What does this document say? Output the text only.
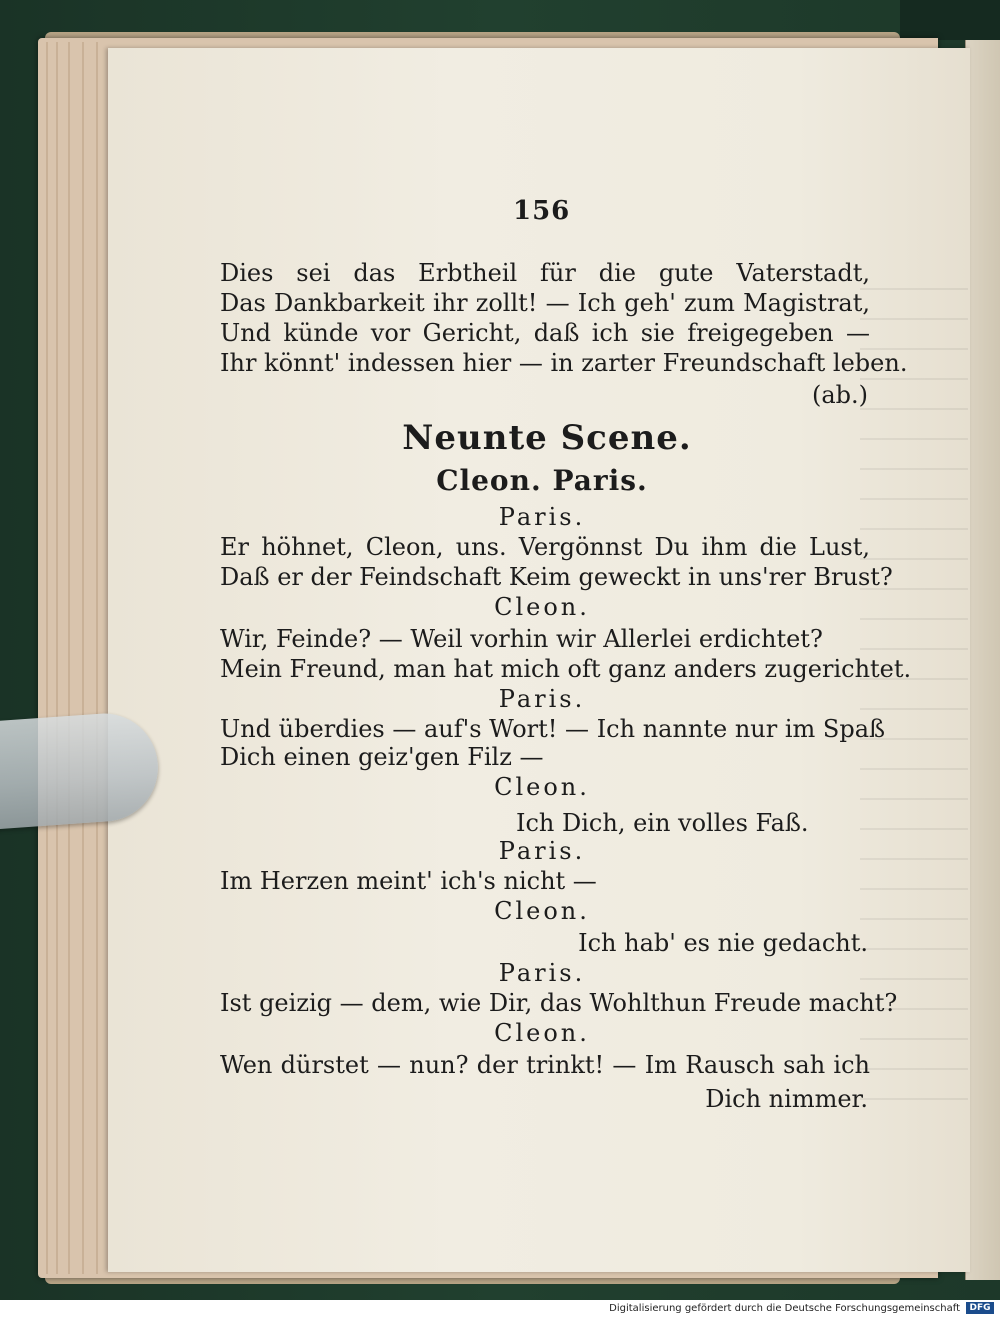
156
Dies sei das Erbtheil für die gute Vaterstadt,
Das Dankbarkeit ihr zollt! — Ich geh' zum Magistrat,
Und künde vor Gericht, daß ich sie freigegeben —
Ihr könnt' indessen hier — in zarter Freundschaft leben.
(ab.)
Neunte Scene.
Cleon. Paris.
Paris.
Er höhnet, Cleon, uns. Vergönnst Du ihm die Lust,
Daß er der Feindschaft Keim geweckt in uns'rer Brust?
Cleon.
Wir, Feinde? — Weil vorhin wir Allerlei erdichtet?
Mein Freund, man hat mich oft ganz anders zugerichtet.
Paris.
Und überdies — auf's Wort! — Ich nannte nur im Spaß
Dich einen geiz'gen Filz —
Cleon.
Ich Dich, ein volles Faß.
Paris.
Im Herzen meint' ich's nicht —
Cleon.
Ich hab' es nie gedacht.
Paris.
Ist geizig — dem, wie Dir, das Wohlthun Freude macht?
Cleon.
Wen dürstet — nun? der trinkt! — Im Rausch sah ich
Dich nimmer.
Digitalisierung gefördert durch die Deutsche Forschungsgemeinschaft	DFG
